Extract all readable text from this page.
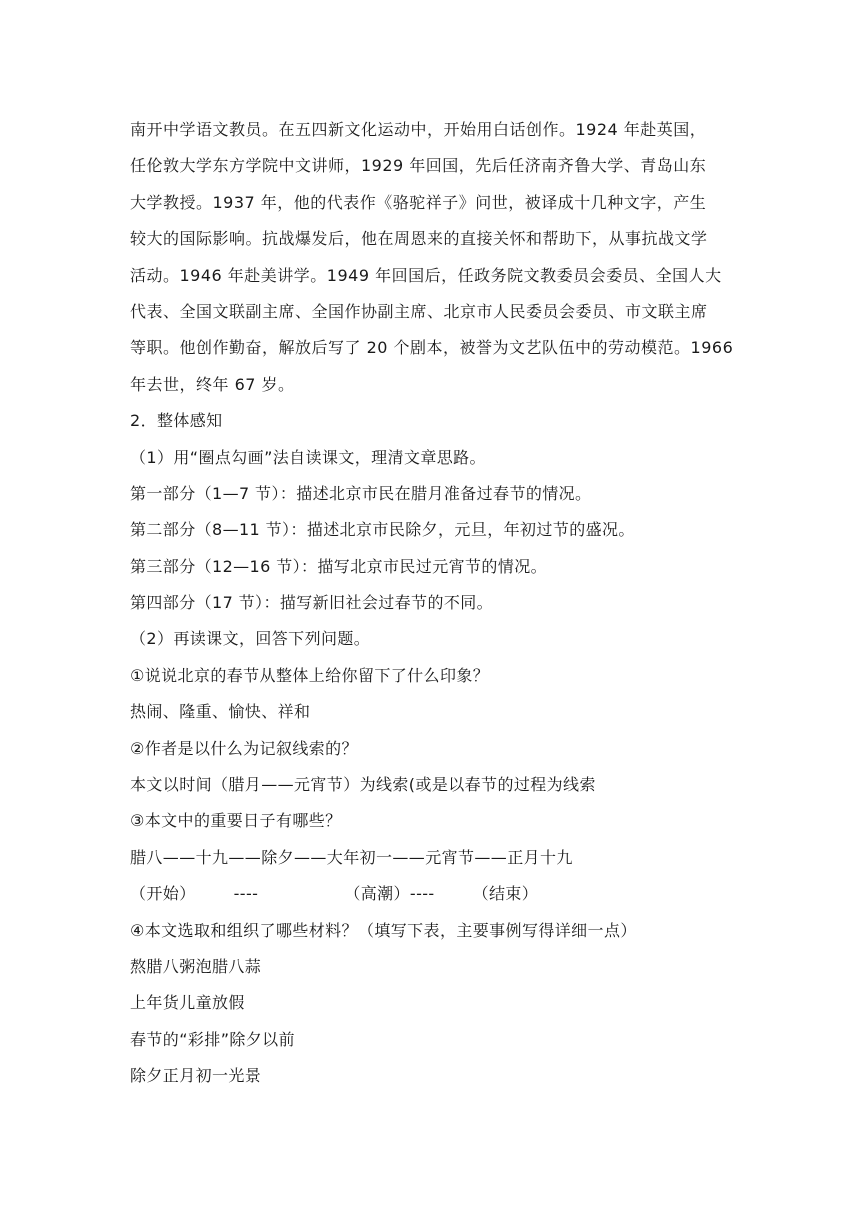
南开中学语文教员。在五四新文化运动中，开始用白话创作。1924 年赴英国，
任伦敦大学东方学院中文讲师，1929 年回国，先后任济南齐鲁大学、青岛山东
大学教授。1937 年，他的代表作《骆驼祥子》问世，被译成十几种文字，产生
较大的国际影响。抗战爆发后，他在周恩来的直接关怀和帮助下，从事抗战文学
活动。1946 年赴美讲学。1949 年回国后，任政务院文教委员会委员、全国人大
代表、全国文联副主席、全国作协副主席、北京市人民委员会委员、市文联主席
等职。他创作勤奋，解放后写了 20 个剧本，被誉为文艺队伍中的劳动模范。1966
年去世，终年 67 岁。
2．整体感知
（1）用“圈点勾画”法自读课文，理清文章思路。
第一部分（1—7 节）：描述北京市民在腊月准备过春节的情况。
第二部分（8—11 节）：描述北京市民除夕，元旦，年初过节的盛况。
第三部分（12—16 节）：描写北京市民过元宵节的情况。
第四部分（17 节）：描写新旧社会过春节的不同。
（2）再读课文，回答下列问题。
①说说北京的春节从整体上给你留下了什么印象？
热闹、隆重、愉快、祥和
②作者是以什么为记叙线索的？
本文以时间（腊月——元宵节）为线索(或是以春节的过程为线索
③本文中的重要日子有哪些？
腊八——十九——除夕——大年初一——元宵节——正月十九
（开始） ----	（高潮）---- （结束）
④本文选取和组织了哪些材料？（填写下表，主要事例写得详细一点）
熬腊八粥泡腊八蒜
上年货儿童放假
春节的“彩排”除夕以前
除夕正月初一光景
